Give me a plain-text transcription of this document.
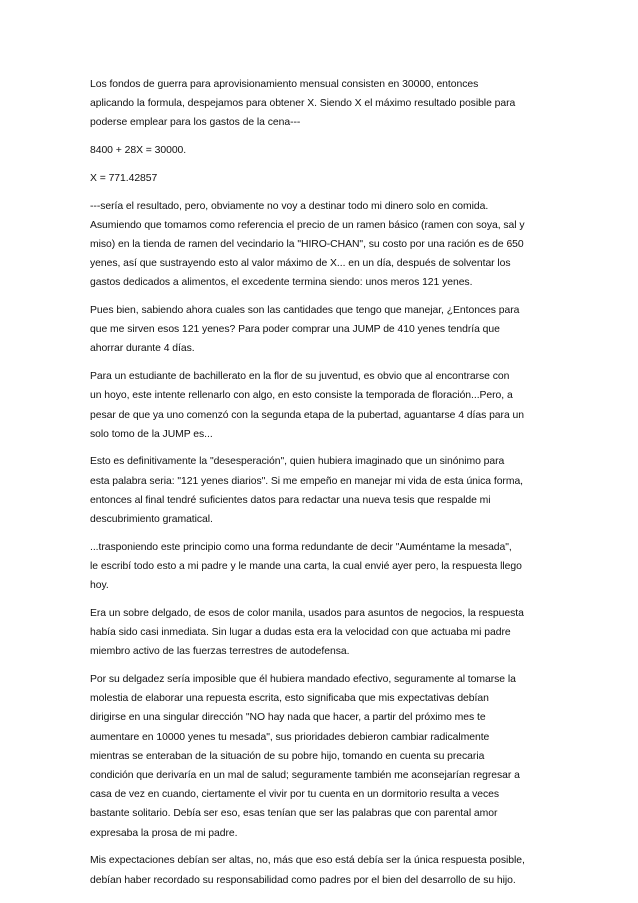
Los fondos de guerra para aprovisionamiento mensual consisten en 30000, entonces
aplicando la formula, despejamos para obtener X. Siendo X el máximo resultado posible para
poderse emplear para los gastos de la cena---

8400 + 28X = 30000.

X = 771.42857

---sería el resultado, pero, obviamente no voy a destinar todo mi dinero solo en comida.
Asumiendo que tomamos como referencia el precio de un ramen básico (ramen con soya, sal y
miso) en la tienda de ramen del vecindario la "HIRO-CHAN", su costo por una ración es de 650
yenes, así que sustrayendo esto al valor máximo de X... en un día, después de solventar los
gastos dedicados a alimentos, el excedente termina siendo: unos meros 121 yenes.

Pues bien, sabiendo ahora cuales son las cantidades que tengo que manejar, ¿Entonces para
que me sirven esos 121 yenes? Para poder comprar una JUMP de 410 yenes tendría que
ahorrar durante 4 días.

Para un estudiante de bachillerato en la flor de su juventud, es obvio que al encontrarse con
un hoyo, este intente rellenarlo con algo, en esto consiste la temporada de floración...Pero, a
pesar de que ya uno comenzó con la segunda etapa de la pubertad, aguantarse 4 días para un
solo tomo de la JUMP es...

Esto es definitivamente la "desesperación", quien hubiera imaginado que un sinónimo para
esta palabra seria: "121 yenes diarios". Si me empeño en manejar mi vida de esta única forma,
entonces al final tendré suficientes datos para redactar una nueva tesis que respalde mi
descubrimiento gramatical.

...trasponiendo este principio como una forma redundante de decir "Auméntame la mesada",
le escribí todo esto a mi padre y le mande una carta, la cual envié ayer pero, la respuesta llego
hoy.

Era un sobre delgado, de esos de color manila, usados para asuntos de negocios, la respuesta
había sido casi inmediata. Sin lugar a dudas esta era la velocidad con que actuaba mi padre
miembro activo de las fuerzas terrestres de autodefensa.

Por su delgadez sería imposible que él hubiera mandado efectivo, seguramente al tomarse la
molestia de elaborar una repuesta escrita, esto significaba que mis expectativas debían
dirigirse en una singular dirección "NO hay nada que hacer, a partir del próximo mes te
aumentare en 10000 yenes tu mesada", sus prioridades debieron cambiar radicalmente
mientras se enteraban de la situación de su pobre hijo, tomando en cuenta su precaria
condición que derivaría en un mal de salud; seguramente también me aconsejarían regresar a
casa de vez en cuando, ciertamente el vivir por tu cuenta en un dormitorio resulta a veces
bastante solitario. Debía ser eso, esas tenían que ser las palabras que con parental amor
expresaba la prosa de mi padre.

Mis expectaciones debían ser altas, no, más que eso está debía ser la única respuesta posible,
debían haber recordado su responsabilidad como padres por el bien del desarrollo de su hijo.
